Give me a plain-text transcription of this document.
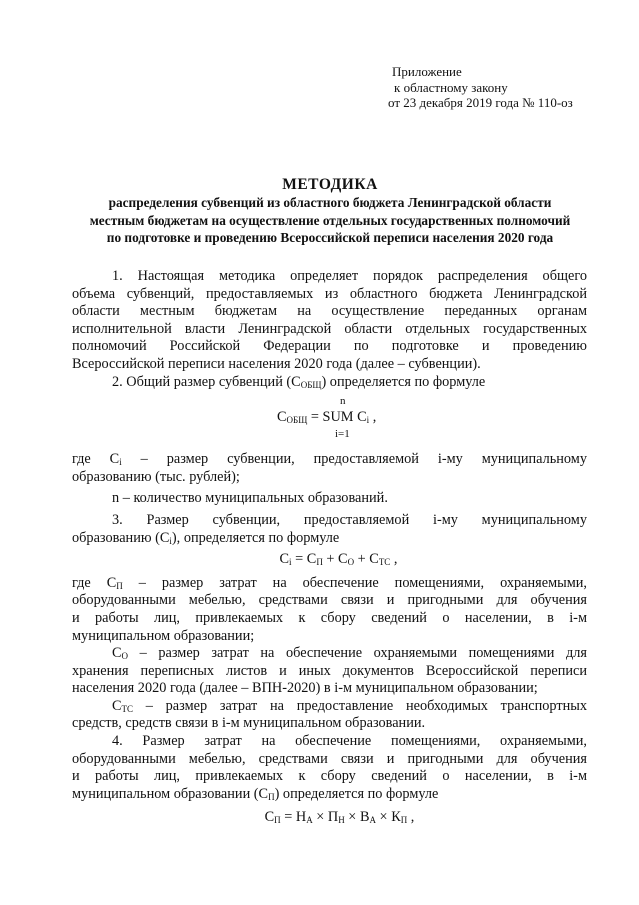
Приложение
к областному закону
от 23 декабря 2019 года № 110-оз
МЕТОДИКА
распределения субвенций из областного бюджета Ленинградской области
местным бюджетам на осуществление отдельных государственных полномочий
по подготовке и проведению Всероссийской переписи населения 2020 года
1. Настоящая методика определяет порядок распределения общего
объема субвенций, предоставляемых из областного бюджета Ленинградской
области местным бюджетам на осуществление переданных органам
исполнительной власти Ленинградской области отдельных государственных
полномочий Российской Федерации по подготовке и проведению
Всероссийской переписи населения 2020 года (далее – субвенции).
2. Общий размер субвенций $(С_{ОБЩ})$ определяется по формуле
n
$С_{ОБЩ}$ = SUM $С_i$ ,
i=1
где $С_i$ – размер субвенции, предоставляемой i-му муниципальному
образованию (тыс. рублей);
n – количество муниципальных образований.
3. Размер субвенции, предоставляемой i-му муниципальному
образованию $(С_i)$, определяется по формуле
$С_i = С_П + С_О + С_{ТС}$ ,
где $С_П$ – размер затрат на обеспечение помещениями, охраняемыми,
оборудованными мебелью, средствами связи и пригодными для обучения
и работы лиц, привлекаемых к сбору сведений о населении, в i-м
муниципальном образовании;
$С_О$ – размер затрат на обеспечение охраняемыми помещениями для
хранения переписных листов и иных документов Всероссийской переписи
населения 2020 года (далее – ВПН-2020) в i-м муниципальном образовании;
$С_{ТС}$ – размер затрат на предоставление необходимых транспортных
средств, средств связи в i-м муниципальном образовании.
4. Размер затрат на обеспечение помещениями, охраняемыми,
оборудованными мебелью, средствами связи и пригодными для обучения
и работы лиц, привлекаемых к сбору сведений о населении, в i-м
муниципальном образовании $(С_П)$ определяется по формуле
$С_П = Н_А \times П_Н \times В_А \times К_П$ ,
